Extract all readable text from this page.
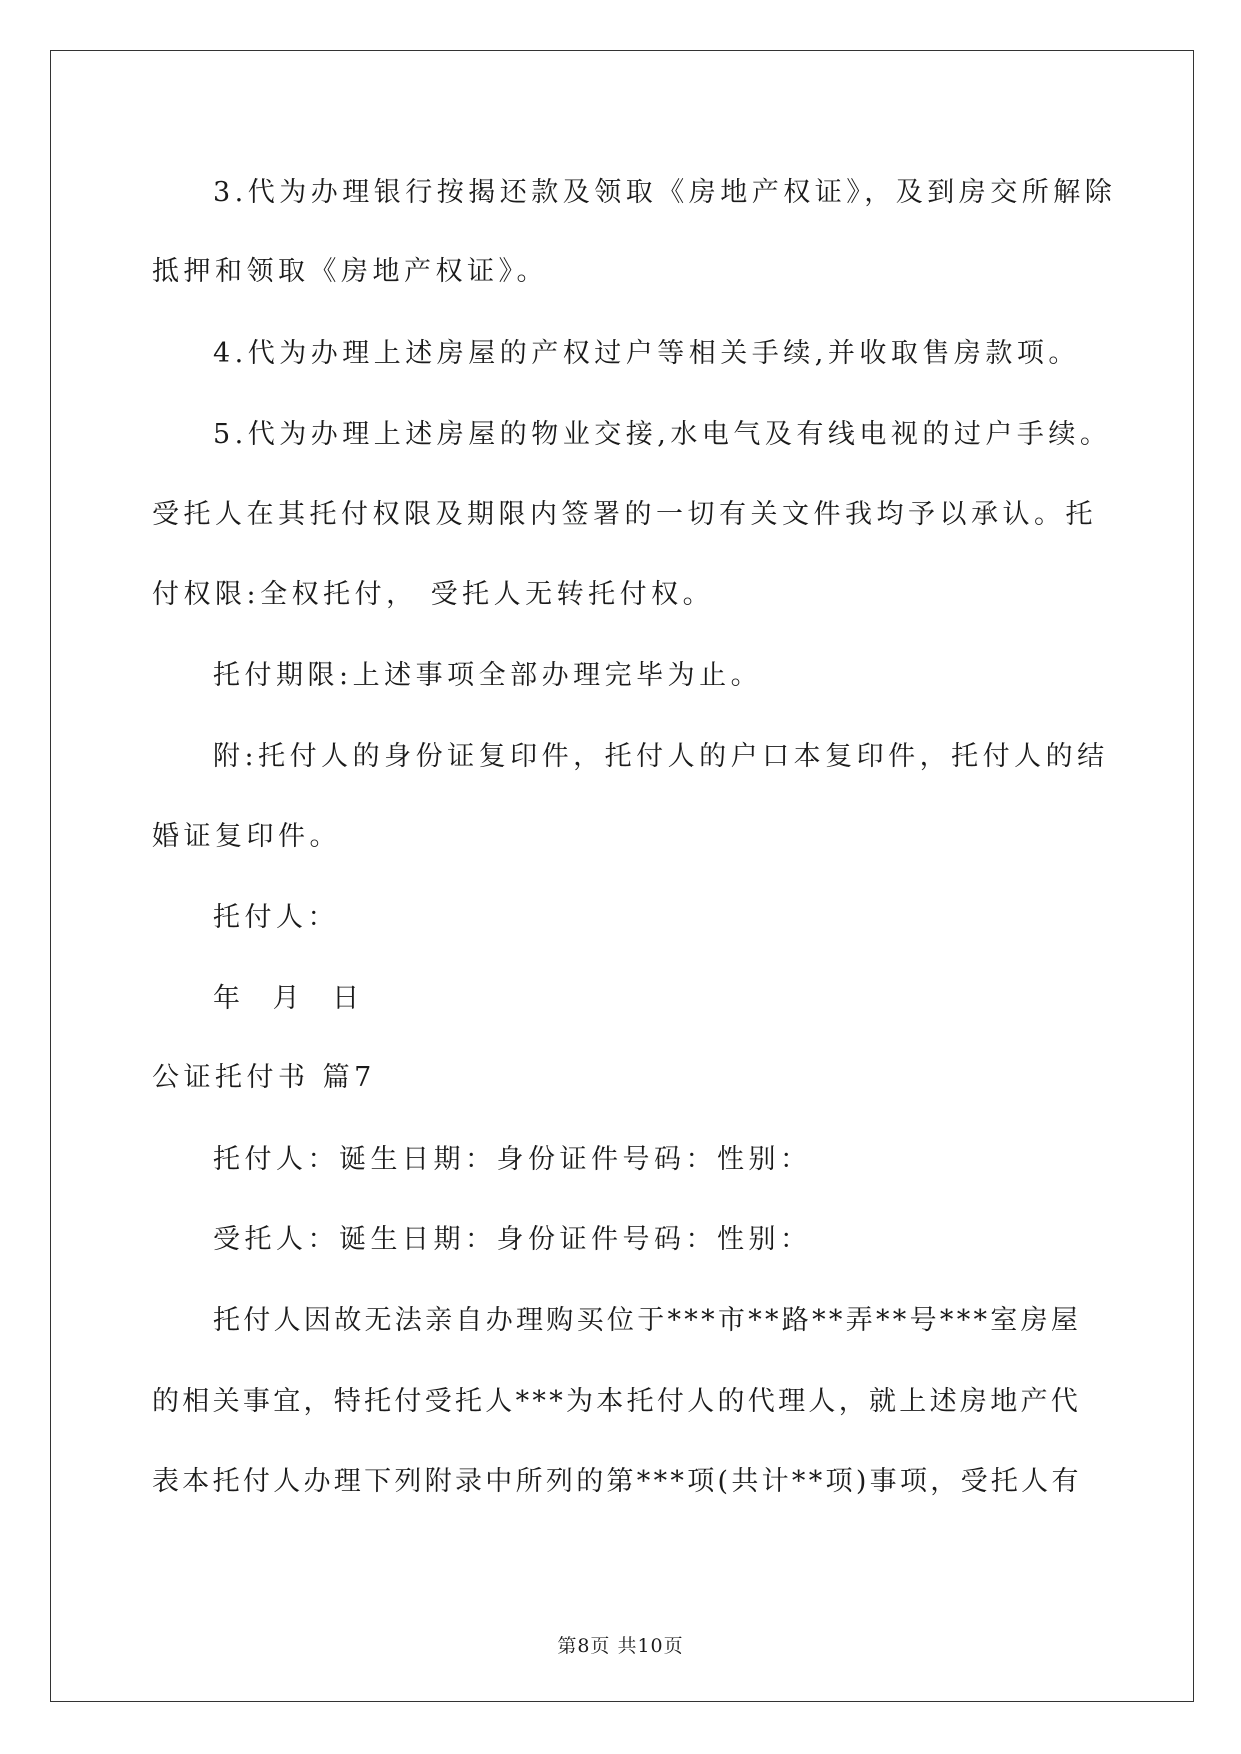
3.代为办理银行按揭还款及领取《房地产权证》，及到房交所解除
抵押和领取《房地产权证》。
4.代为办理上述房屋的产权过户等相关手续,并收取售房款项。
5.代为办理上述房屋的物业交接,水电气及有线电视的过户手续。
受托人在其托付权限及期限内签署的一切有关文件我均予以承认。托
付权限:全权托付， 受托人无转托付权。
托付期限:上述事项全部办理完毕为止。
附:托付人的身份证复印件，托付人的户口本复印件，托付人的结
婚证复印件。
托付人：
年 月 日
公证托付书 篇7
托付人：诞生日期：身份证件号码：性别：
受托人：诞生日期：身份证件号码：性别：
托付人因故无法亲自办理购买位于***市**路**弄**号***室房屋
的相关事宜，特托付受托人***为本托付人的代理人，就上述房地产代
表本托付人办理下列附录中所列的第***项(共计**项)事项，受托人有
第8页 共10页
